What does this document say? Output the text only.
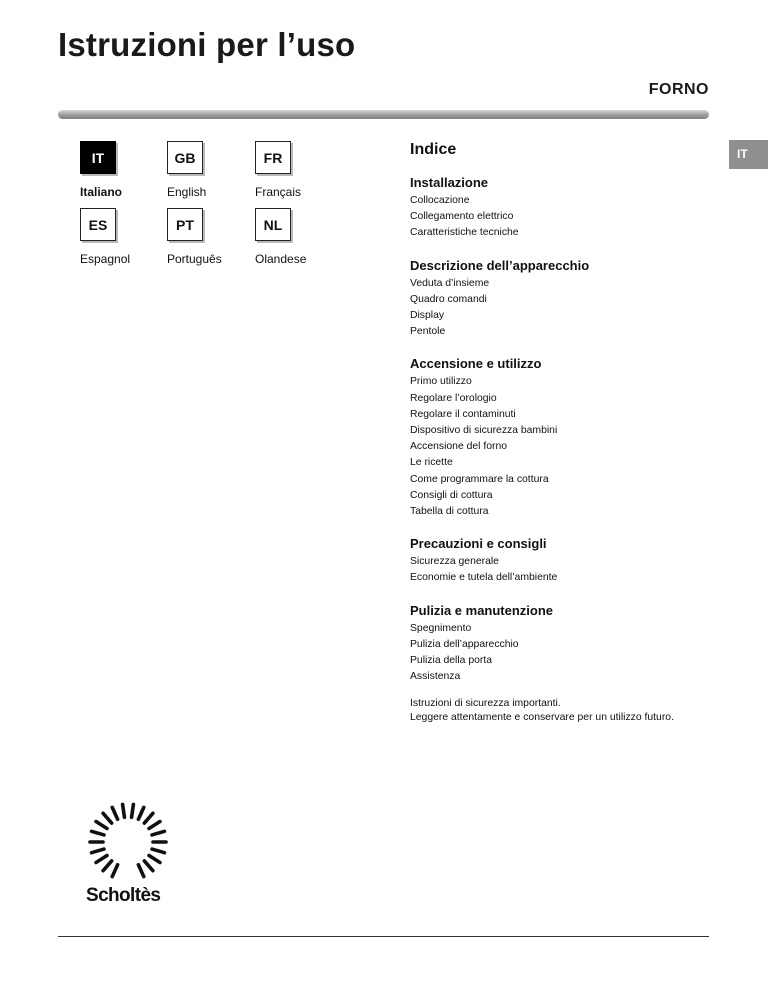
Istruzioni per l’uso
FORNO
IT
IT
Italiano
GB
English
FR
Français
ES
Espagnol
PT
Português
NL
Olandese
Indice
Installazione
Collocazione
Collegamento elettrico
Caratteristiche tecniche
Descrizione dell’apparecchio
Veduta d’insieme
Quadro comandi
Display
Pentole
Accensione e utilizzo
Primo utilizzo
Regolare l’orologio
Regolare il contaminuti
Dispositivo di sicurezza bambini
Accensione del forno
Le ricette
Come programmare la cottura
Consigli di cottura
Tabella di cottura
Precauzioni e consigli
Sicurezza generale
Economie e tutela dell’ambiente
Pulizia e manutenzione
Spegnimento
Pulizia dell’apparecchio
Pulizia della porta
Assistenza
Istruzioni di sicurezza importanti.
Leggere attentamente e conservare per un utilizzo futuro.
Scholtès
